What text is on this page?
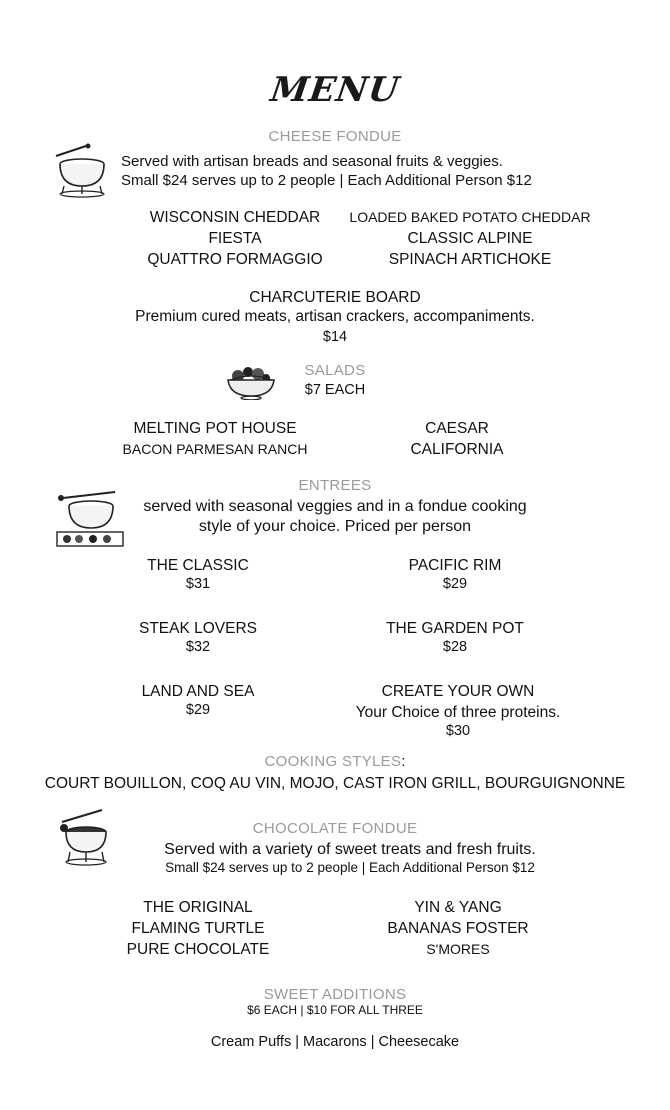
MENU
CHEESE FONDUE
Served with artisan breads and seasonal fruits & veggies.
Small $24 serves up to 2 people | Each Additional Person $12
WISCONSIN CHEDDAR
FIESTA
QUATTRO FORMAGGIO
LOADED BAKED POTATO CHEDDAR
CLASSIC ALPINE
SPINACH ARTICHOKE
CHARCUTERIE BOARD
Premium cured meats, artisan crackers, accompaniments.
$14
SALADS
$7 EACH
MELTING POT HOUSE
BACON PARMESAN RANCH
CAESAR
CALIFORNIA
ENTREES
served with seasonal veggies and in a fondue cooking
style of your choice. Priced per person
THE CLASSIC
$31
PACIFIC RIM
$29
STEAK LOVERS
$32
THE GARDEN POT
$28
LAND AND SEA
$29
CREATE YOUR OWN
Your Choice of three proteins.
$30
COOKING STYLES:
COURT BOUILLON, COQ AU VIN, MOJO, CAST IRON GRILL, BOURGUIGNONNE
CHOCOLATE FONDUE
Served with a variety of sweet treats and fresh fruits.
Small $24 serves up to 2 people | Each Additional Person $12
THE ORIGINAL
FLAMING TURTLE
PURE CHOCOLATE
YIN & YANG
BANANAS FOSTER
S'MORES
SWEET ADDITIONS
$6 EACH | $10 FOR ALL THREE
Cream Puffs | Macarons | Cheesecake
